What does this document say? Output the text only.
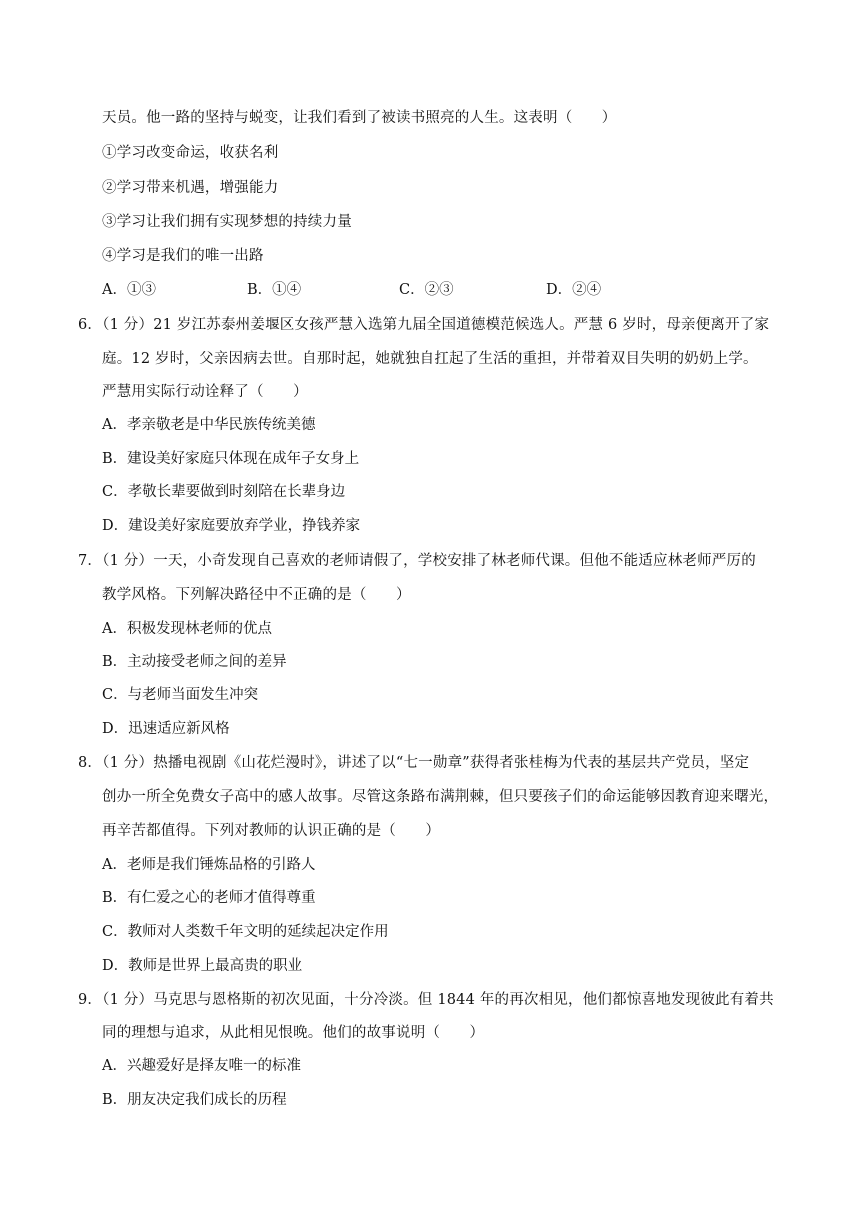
天员。他一路的坚持与蜕变，让我们看到了被读书照亮的人生。这表明（　　）
①学习改变命运，收获名利
②学习带来机遇，增强能力
③学习让我们拥有实现梦想的持续力量
④学习是我们的唯一出路
A．①③	B．①④	C．②③	D．②④
6．（1 分）21 岁江苏泰州姜堰区女孩严慧入选第九届全国道德模范候选人。严慧 6 岁时，母亲便离开了家
庭。12 岁时，父亲因病去世。自那时起，她就独自扛起了生活的重担，并带着双目失明的奶奶上学。
严慧用实际行动诠释了（　　）
A．孝亲敬老是中华民族传统美德
B．建设美好家庭只体现在成年子女身上
C．孝敬长辈要做到时刻陪在长辈身边
D．建设美好家庭要放弃学业，挣钱养家
7．（1 分）一天，小奇发现自己喜欢的老师请假了，学校安排了林老师代课。但他不能适应林老师严厉的
教学风格。下列解决路径中不正确的是（　　）
A．积极发现林老师的优点
B．主动接受老师之间的差异
C．与老师当面发生冲突
D．迅速适应新风格
8．（1 分）热播电视剧《山花烂漫时》，讲述了以“七一勋章”获得者张桂梅为代表的基层共产党员，坚定
创办一所全免费女子高中的感人故事。尽管这条路布满荆棘，但只要孩子们的命运能够因教育迎来曙光，
再辛苦都值得。下列对教师的认识正确的是（　　）
A．老师是我们锤炼品格的引路人
B．有仁爱之心的老师才值得尊重
C．教师对人类数千年文明的延续起决定作用
D．教师是世界上最高贵的职业
9．（1 分）马克思与恩格斯的初次见面，十分冷淡。但 1844 年的再次相见，他们都惊喜地发现彼此有着共
同的理想与追求，从此相见恨晚。他们的故事说明（　　）
A．兴趣爱好是择友唯一的标准
B．朋友决定我们成长的历程
